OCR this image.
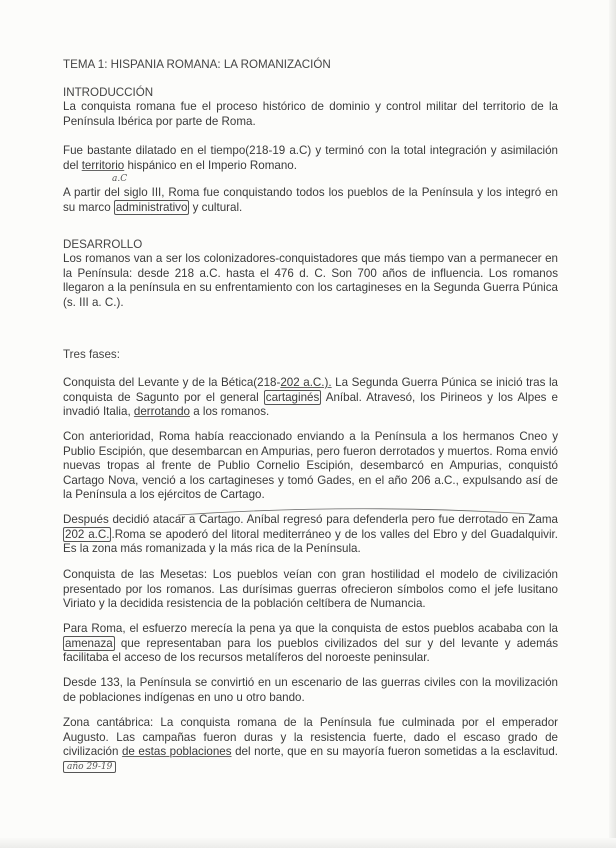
TEMA 1: HISPANIA ROMANA: LA ROMANIZACIÓN

INTRODUCCIÓN

La conquista romana fue el proceso histórico de dominio y control militar del territorio de la Península Ibérica por parte de Roma.

Fue bastante dilatado en el tiempo(218-19 a.C) y terminó con la total integración y asimilación del territorio hispánico en el Imperio Romano.

A partir del siglo III, Roma fue conquistando todos los pueblos de la Península y los integró en su marco administrativo y cultural.

DESARROLLO

Los romanos van a ser los colonizadores-conquistadores que más tiempo van a permanecer en la Península: desde 218 a.C. hasta el 476 d. C. Son 700 años de influencia. Los romanos llegaron a la península en su enfrentamiento con los cartagineses en la Segunda Guerra Púnica (s. III a. C.).

Tres fases:

Conquista del Levante y de la Bética(218-202 a.C.). La Segunda Guerra Púnica se inició tras la conquista de Sagunto por el general cartaginés Aníbal. Atravesó, los Pirineos y los Alpes e invadió Italia, derrotando a los romanos.

Con anterioridad, Roma había reaccionado enviando a la Península a los hermanos Cneo y Publio Escipión, que desembarcan en Ampurias, pero fueron derrotados y muertos. Roma envió nuevas tropas al frente de Publio Cornelio Escipión, desembarcó en Ampurias, conquistó Cartago Nova, venció a los cartagineses y tomó Gades, en el año 206 a.C., expulsando así de la Península a los ejércitos de Cartago.

Después decidió atacar a Cartago. Aníbal regresó para defenderla pero fue derrotado en Zama 202 a.C. .Roma se apoderó del litoral mediterráneo y de los valles del Ebro y del Guadalquivir. Es la zona más romanizada y la más rica de la Península.

Conquista de las Mesetas: Los pueblos veían con gran hostilidad el modelo de civilización presentado por los romanos. Las durísimas guerras ofrecieron símbolos como el jefe lusitano Viriato y la decidida resistencia de la población celtíbera de Numancia.

Para Roma, el esfuerzo merecía la pena ya que la conquista de estos pueblos acababa con la amenaza que representaban para los pueblos civilizados del sur y del levante y además facilitaba el acceso de los recursos metalíferos del noroeste peninsular.

Desde 133, la Península se convirtió en un escenario de las guerras civiles con la movilización de poblaciones indígenas en uno u otro bando.

Zona cantábrica: La conquista romana de la Península fue culminada por el emperador Augusto. Las campañas fueron duras y la resistencia fuerte, dado el escaso grado de civilización de estas poblaciones del norte, que en su mayoría fueron sometidas a la esclavitud. año 29-19

a.C
